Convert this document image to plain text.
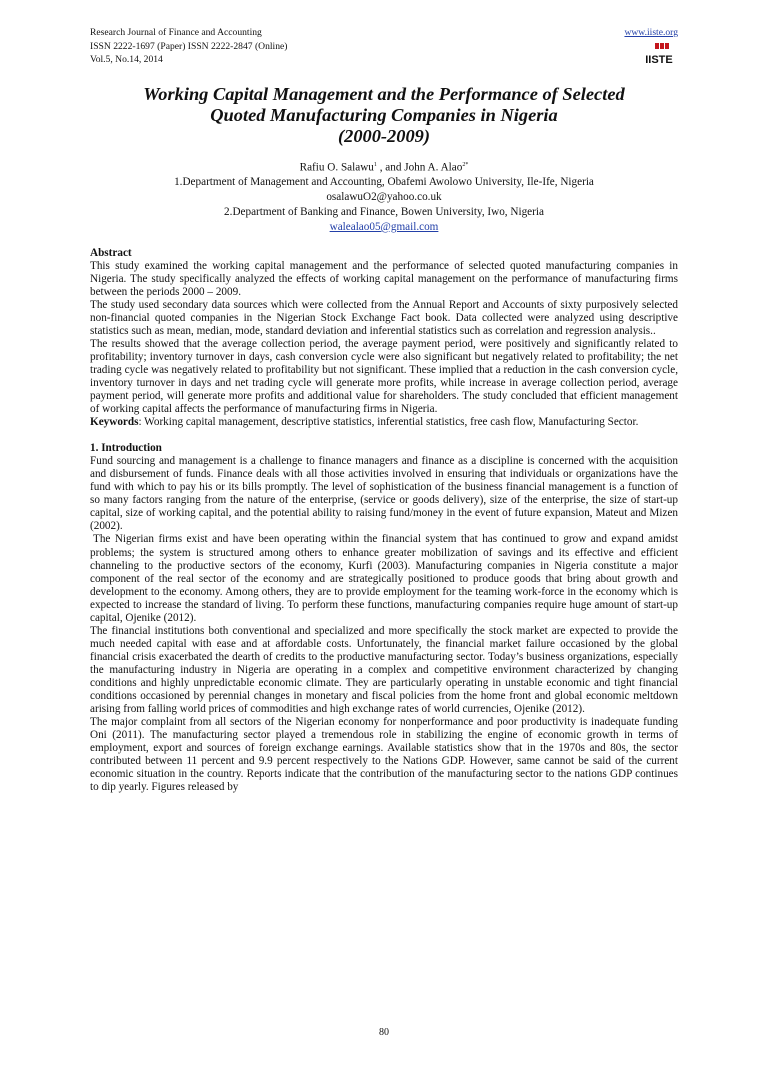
Research Journal of Finance and Accounting
ISSN 2222-1697 (Paper) ISSN 2222-2847 (Online)
Vol.5, No.14, 2014
www.iiste.org
IISTE
Working Capital Management and the Performance of Selected
Quoted Manufacturing Companies in Nigeria
(2000-2009)
Rafiu O. Salawu$^1$ , and John A. Alao$^{2*}$
1.Department of Management and Accounting, Obafemi Awolowo University, Ile-Ife, Nigeria
osalawuO2@yahoo.co.uk
2.Department of Banking and Finance, Bowen University, Iwo, Nigeria
walealao05@gmail.com

Abstract

This study examined the working capital management and the performance of selected quoted manufacturing companies in Nigeria. The study specifically analyzed the effects of working capital management on the performance of manufacturing firms between the periods 2000 – 2009.

The study used secondary data sources which were collected from the Annual Report and Accounts of sixty purposively selected non-financial quoted companies in the Nigerian Stock Exchange Fact book. Data collected were analyzed using descriptive statistics such as mean, median, mode, standard deviation and inferential statistics such as correlation and regression analysis..

The results showed that the average collection period, the average payment period, were positively and significantly related to profitability; inventory turnover in days, cash conversion cycle were also significant but negatively related to profitability; the net trading cycle was negatively related to profitability but not significant. These implied that a reduction in the cash conversion cycle, inventory turnover in days and net trading cycle will generate more profits, while increase in average collection period, average payment period, will generate more profits and additional value for shareholders. The study concluded that efficient management of working capital affects the performance of manufacturing firms in Nigeria.

Keywords: Working capital management, descriptive statistics, inferential statistics, free cash flow, Manufacturing Sector.

1. Introduction

Fund sourcing and management is a challenge to finance managers and finance as a discipline is concerned with the acquisition and disbursement of funds. Finance deals with all those activities involved in ensuring that individuals or organizations have the fund with which to pay his or its bills promptly. The level of sophistication of the business financial management is a function of so many factors ranging from the nature of the enterprise, (service or goods delivery), size of the enterprise, the size of start-up capital, size of working capital, and the potential ability to raising fund/money in the event of future expansion, Mateut and Mizen (2002).

The Nigerian firms exist and have been operating within the financial system that has continued to grow and expand amidst problems; the system is structured among others to enhance greater mobilization of savings and its effective and efficient channeling to the productive sectors of the economy, Kurfi (2003). Manufacturing companies in Nigeria constitute a major component of the real sector of the economy and are strategically positioned to produce goods that bring about growth and development to the economy. Among others, they are to provide employment for the teaming work-force in the economy which is expected to increase the standard of living. To perform these functions, manufacturing companies require huge amount of start-up capital, Ojenike (2012).

The financial institutions both conventional and specialized and more specifically the stock market are expected to provide the much needed capital with ease and at affordable costs. Unfortunately, the financial market failure occasioned by the global financial crisis exacerbated the dearth of credits to the productive manufacturing sector. Today’s business organizations, especially the manufacturing industry in Nigeria are operating in a complex and competitive environment characterized by changing conditions and highly unpredictable economic climate. They are particularly operating in unstable economic and tight financial conditions occasioned by perennial changes in monetary and fiscal policies from the home front and global economic meltdown arising from falling world prices of commodities and high exchange rates of world currencies, Ojenike (2012).

The major complaint from all sectors of the Nigerian economy for nonperformance and poor productivity is inadequate funding Oni (2011). The manufacturing sector played a tremendous role in stabilizing the engine of economic growth in terms of employment, export and sources of foreign exchange earnings. Available statistics show that in the 1970s and 80s, the sector contributed between 11 percent and 9.9 percent respectively to the Nations GDP. However, same cannot be said of the current economic situation in the country. Reports indicate that the contribution of the manufacturing sector to the nations GDP continues to dip yearly. Figures released by

80
